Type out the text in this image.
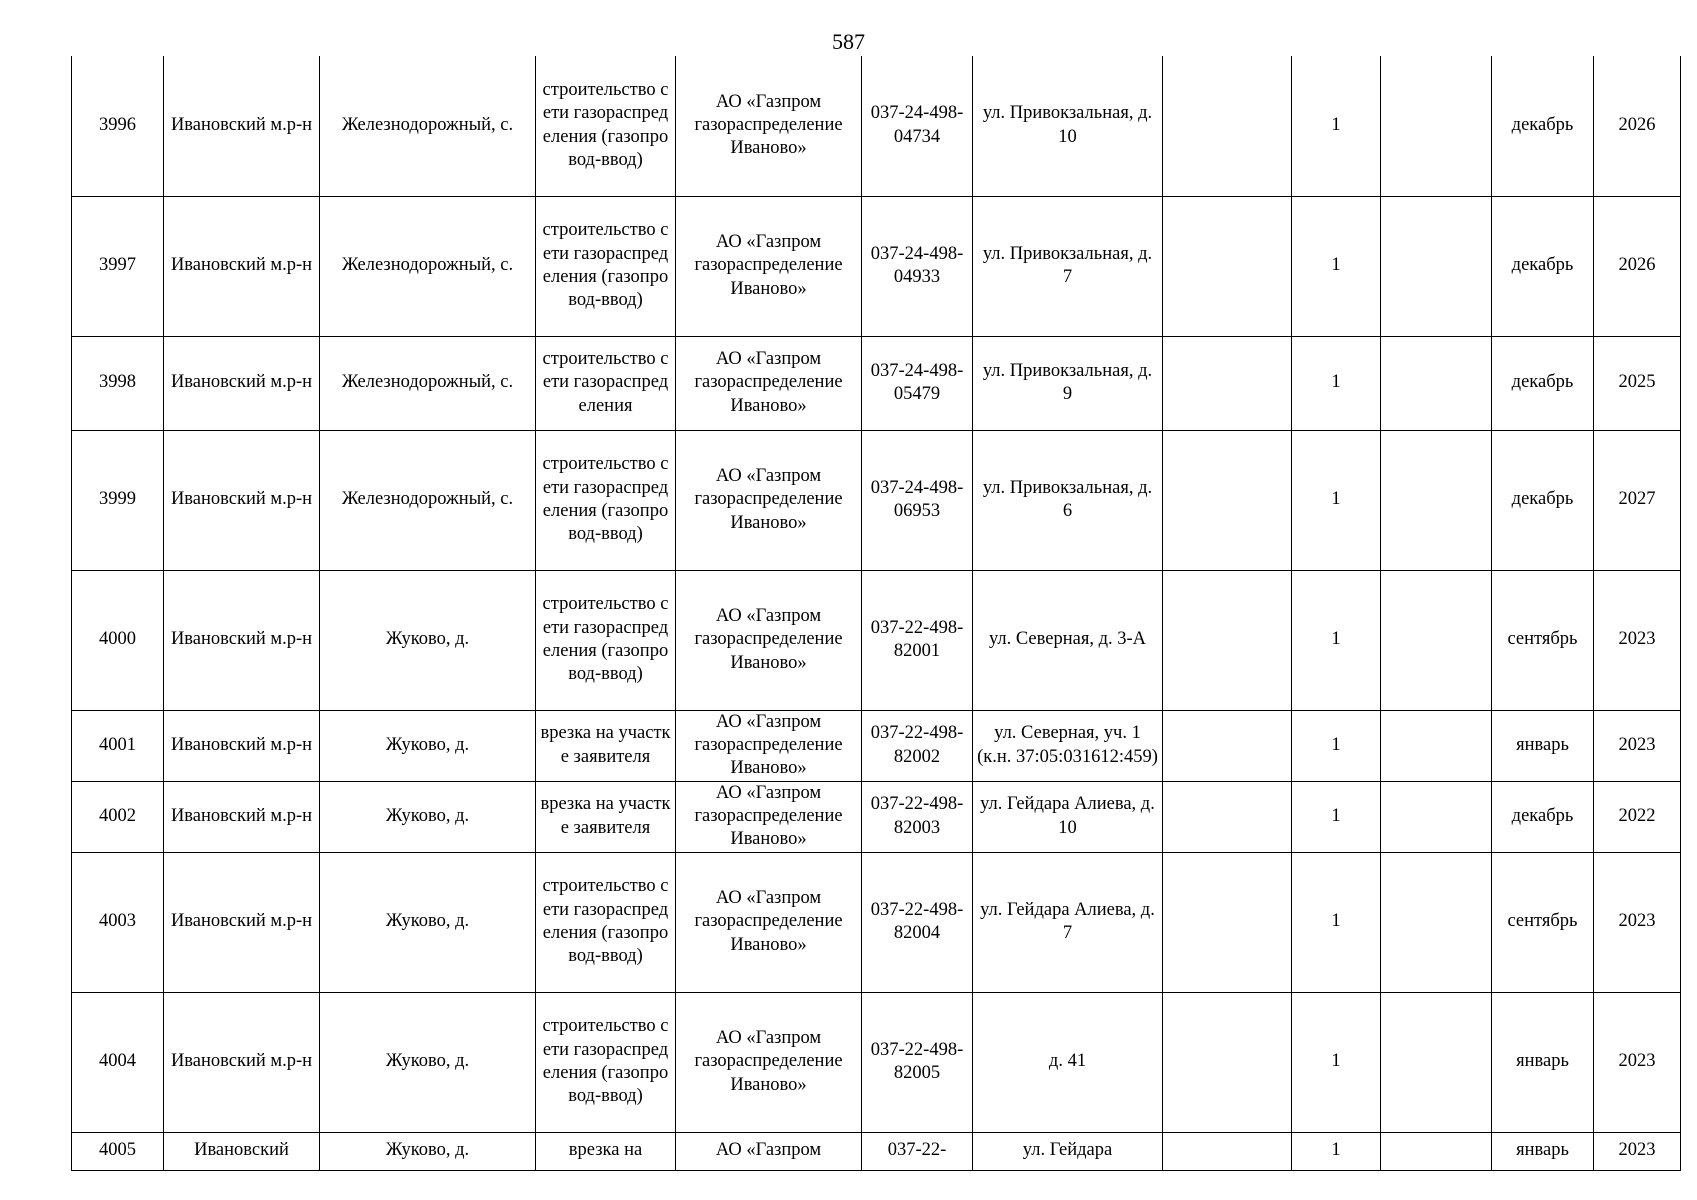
587
3996	Ивановский м.р-н	Железнодорожный, с.	строительство сети газораспределения (газопровод-ввод)	АО «Газпром газораспределение Иваново»	037-24-498-04734	ул. Привокзальная, д. 10		1		декабрь	2026
3997	Ивановский м.р-н	Железнодорожный, с.	строительство сети газораспределения (газопровод-ввод)	АО «Газпром газораспределение Иваново»	037-24-498-04933	ул. Привокзальная, д. 7		1		декабрь	2026
3998	Ивановский м.р-н	Железнодорожный, с.	строительство сети газораспределения	АО «Газпром газораспределение Иваново»	037-24-498-05479	ул. Привокзальная, д. 9		1		декабрь	2025
3999	Ивановский м.р-н	Железнодорожный, с.	строительство сети газораспределения (газопровод-ввод)	АО «Газпром газораспределение Иваново»	037-24-498-06953	ул. Привокзальная, д. 6		1		декабрь	2027
4000	Ивановский м.р-н	Жуково, д.	строительство сети газораспределения (газопровод-ввод)	АО «Газпром газораспределение Иваново»	037-22-498-82001	ул. Северная, д. 3-А		1		сентябрь	2023
4001	Ивановский м.р-н	Жуково, д.	врезка на участке заявителя	АО «Газпром газораспределение Иваново»	037-22-498-82002	ул. Северная, уч. 1 (к.н. 37:05:031612:459)		1		январь	2023
4002	Ивановский м.р-н	Жуково, д.	врезка на участке заявителя	АО «Газпром газораспределение Иваново»	037-22-498-82003	ул. Гейдара Алиева, д. 10		1		декабрь	2022
4003	Ивановский м.р-н	Жуково, д.	строительство сети газораспределения (газопровод-ввод)	АО «Газпром газораспределение Иваново»	037-22-498-82004	ул. Гейдара Алиева, д. 7		1		сентябрь	2023
4004	Ивановский м.р-н	Жуково, д.	строительство сети газораспределения (газопровод-ввод)	АО «Газпром газораспределение Иваново»	037-22-498-82005	д. 41		1		январь	2023
4005	Ивановский	Жуково, д.	врезка на	АО «Газпром	037-22-	ул. Гейдара		1		январь	2023
